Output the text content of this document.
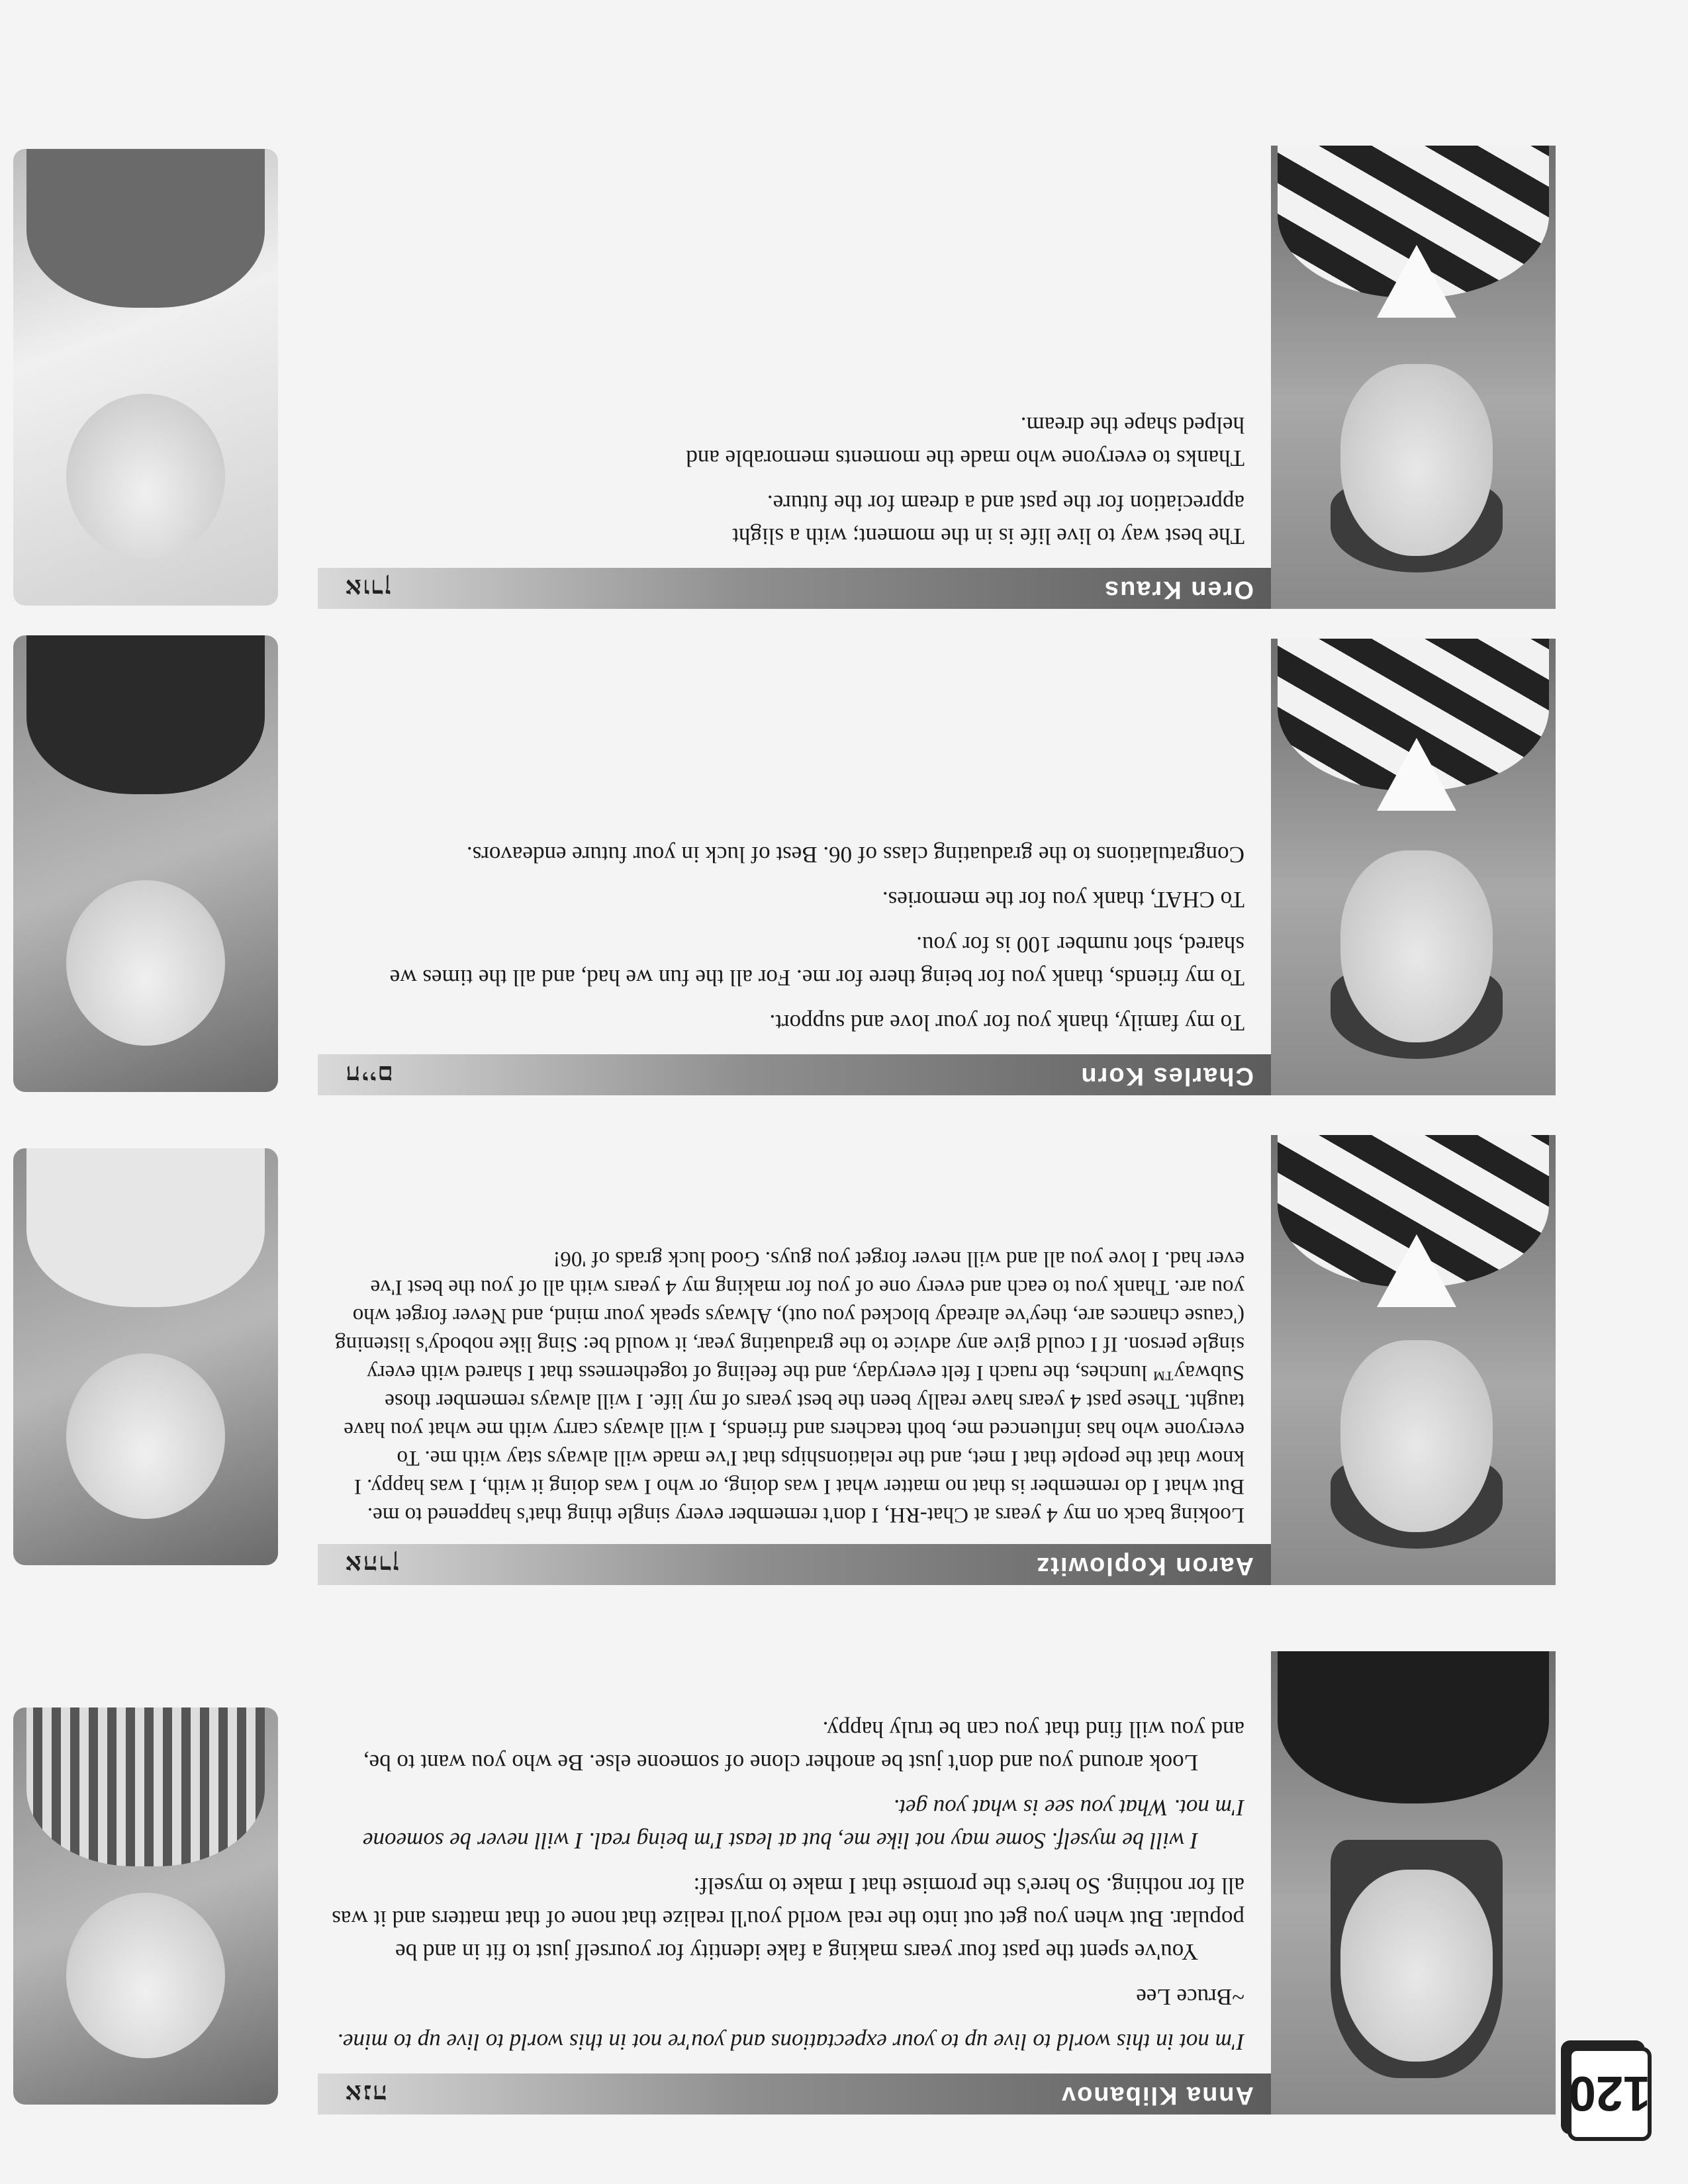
120
Anna Klibanov
אנה

I'm not in this world to live up to your expectations and you're not in this world to live up to mine.

~Bruce Lee

You've spent the past four years making a fake identity for yourself just to fit in and be popular. But when you get out into the real world you'll realize that none of that matters and it was all for nothing. So here's the promise that I make to myself:

I will be myself. Some may not like me, but at least I'm being real. I will never be someone I'm not. What you see is what you get.

Look around you and don't just be another clone of someone else. Be who you want to be, and you will find that you can be truly happy.

Aaron Koplowitz
אהרן

Looking back on my 4 years at Chat-RH, I don't remember every single thing that's happened to me. But what I do remember is that no matter what I was doing, or who I was doing it with, I was happy. I know that the people that I met, and the relationships that I've made will always stay with me. To everyone who has influenced me, both teachers and friends, I will always carry with me what you have taught. These past 4 years have really been the best years of my life. I will always remember those Subway™ lunches, the ruach I felt everyday, and the feeling of togetherness that I shared with every single person. If I could give any advice to the graduating year, it would be: Sing like nobody's listening ('cause chances are, they've already blocked you out), Always speak your mind, and Never forget who you are. Thank you to each and every one of you for making my 4 years with all of you the best I've ever had. I love you all and will never forget you guys. Good luck grads of '06!

Charles Korn
חיים

To my family, thank you for your love and support.

To my friends, thank you for being there for me. For all the fun we had, and all the times we shared, shot number 100 is for you.

To CHAT, thank you for the memories.

Congratulations to the graduating class of 06. Best of luck in your future endeavors.

Oren Kraus
אורן

The best way to live life is in the moment; with a slight appreciation for the past and a dream for the future.

Thanks to everyone who made the moments memorable and helped shape the dream.
